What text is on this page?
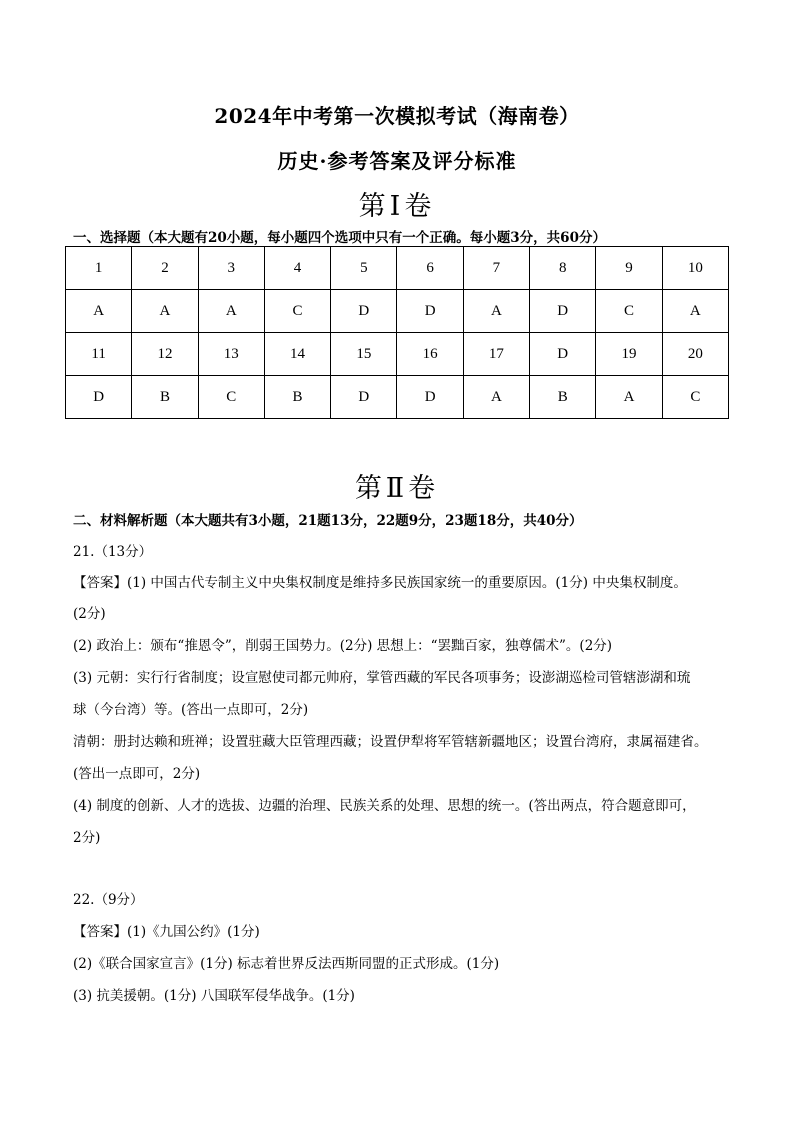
2024年中考第一次模拟考试（海南卷）
历史·参考答案及评分标准
第Ⅰ卷
一、选择题（本大题有20小题，每小题四个选项中只有一个正确。每小题3分，共60分）
1	2	3	4	5	6	7	8	9	10
A	A	A	C	D	D	A	D	C	A
11	12	13	14	15	16	17	D	19	20
D	B	C	B	D	D	A	B	A	C
第Ⅱ卷
二、材料解析题（本大题共有3小题，21题13分，22题9分，23题18分，共40分）
21.（13分）
【答案】(1) 中国古代专制主义中央集权制度是维持多民族国家统一的重要原因。(1分) 中央集权制度。
(2分)
(2) 政治上：颁布“推恩令”，削弱王国势力。(2分) 思想上：“罢黜百家，独尊儒术”。(2分)
(3) 元朝：实行行省制度；设宣慰使司都元帅府，掌管西藏的军民各项事务；设澎湖巡检司管辖澎湖和琉
球（今台湾）等。(答出一点即可，2分)
清朝：册封达赖和班禅；设置驻藏大臣管理西藏；设置伊犁将军管辖新疆地区；设置台湾府，隶属福建省。
(答出一点即可，2分)
(4) 制度的创新、人才的选拔、边疆的治理、民族关系的处理、思想的统一。(答出两点，符合题意即可，
2分)
22.（9分）
【答案】(1)《九国公约》(1分)
(2)《联合国家宣言》(1分) 标志着世界反法西斯同盟的正式形成。(1分)
(3) 抗美援朝。(1分) 八国联军侵华战争。(1分)
